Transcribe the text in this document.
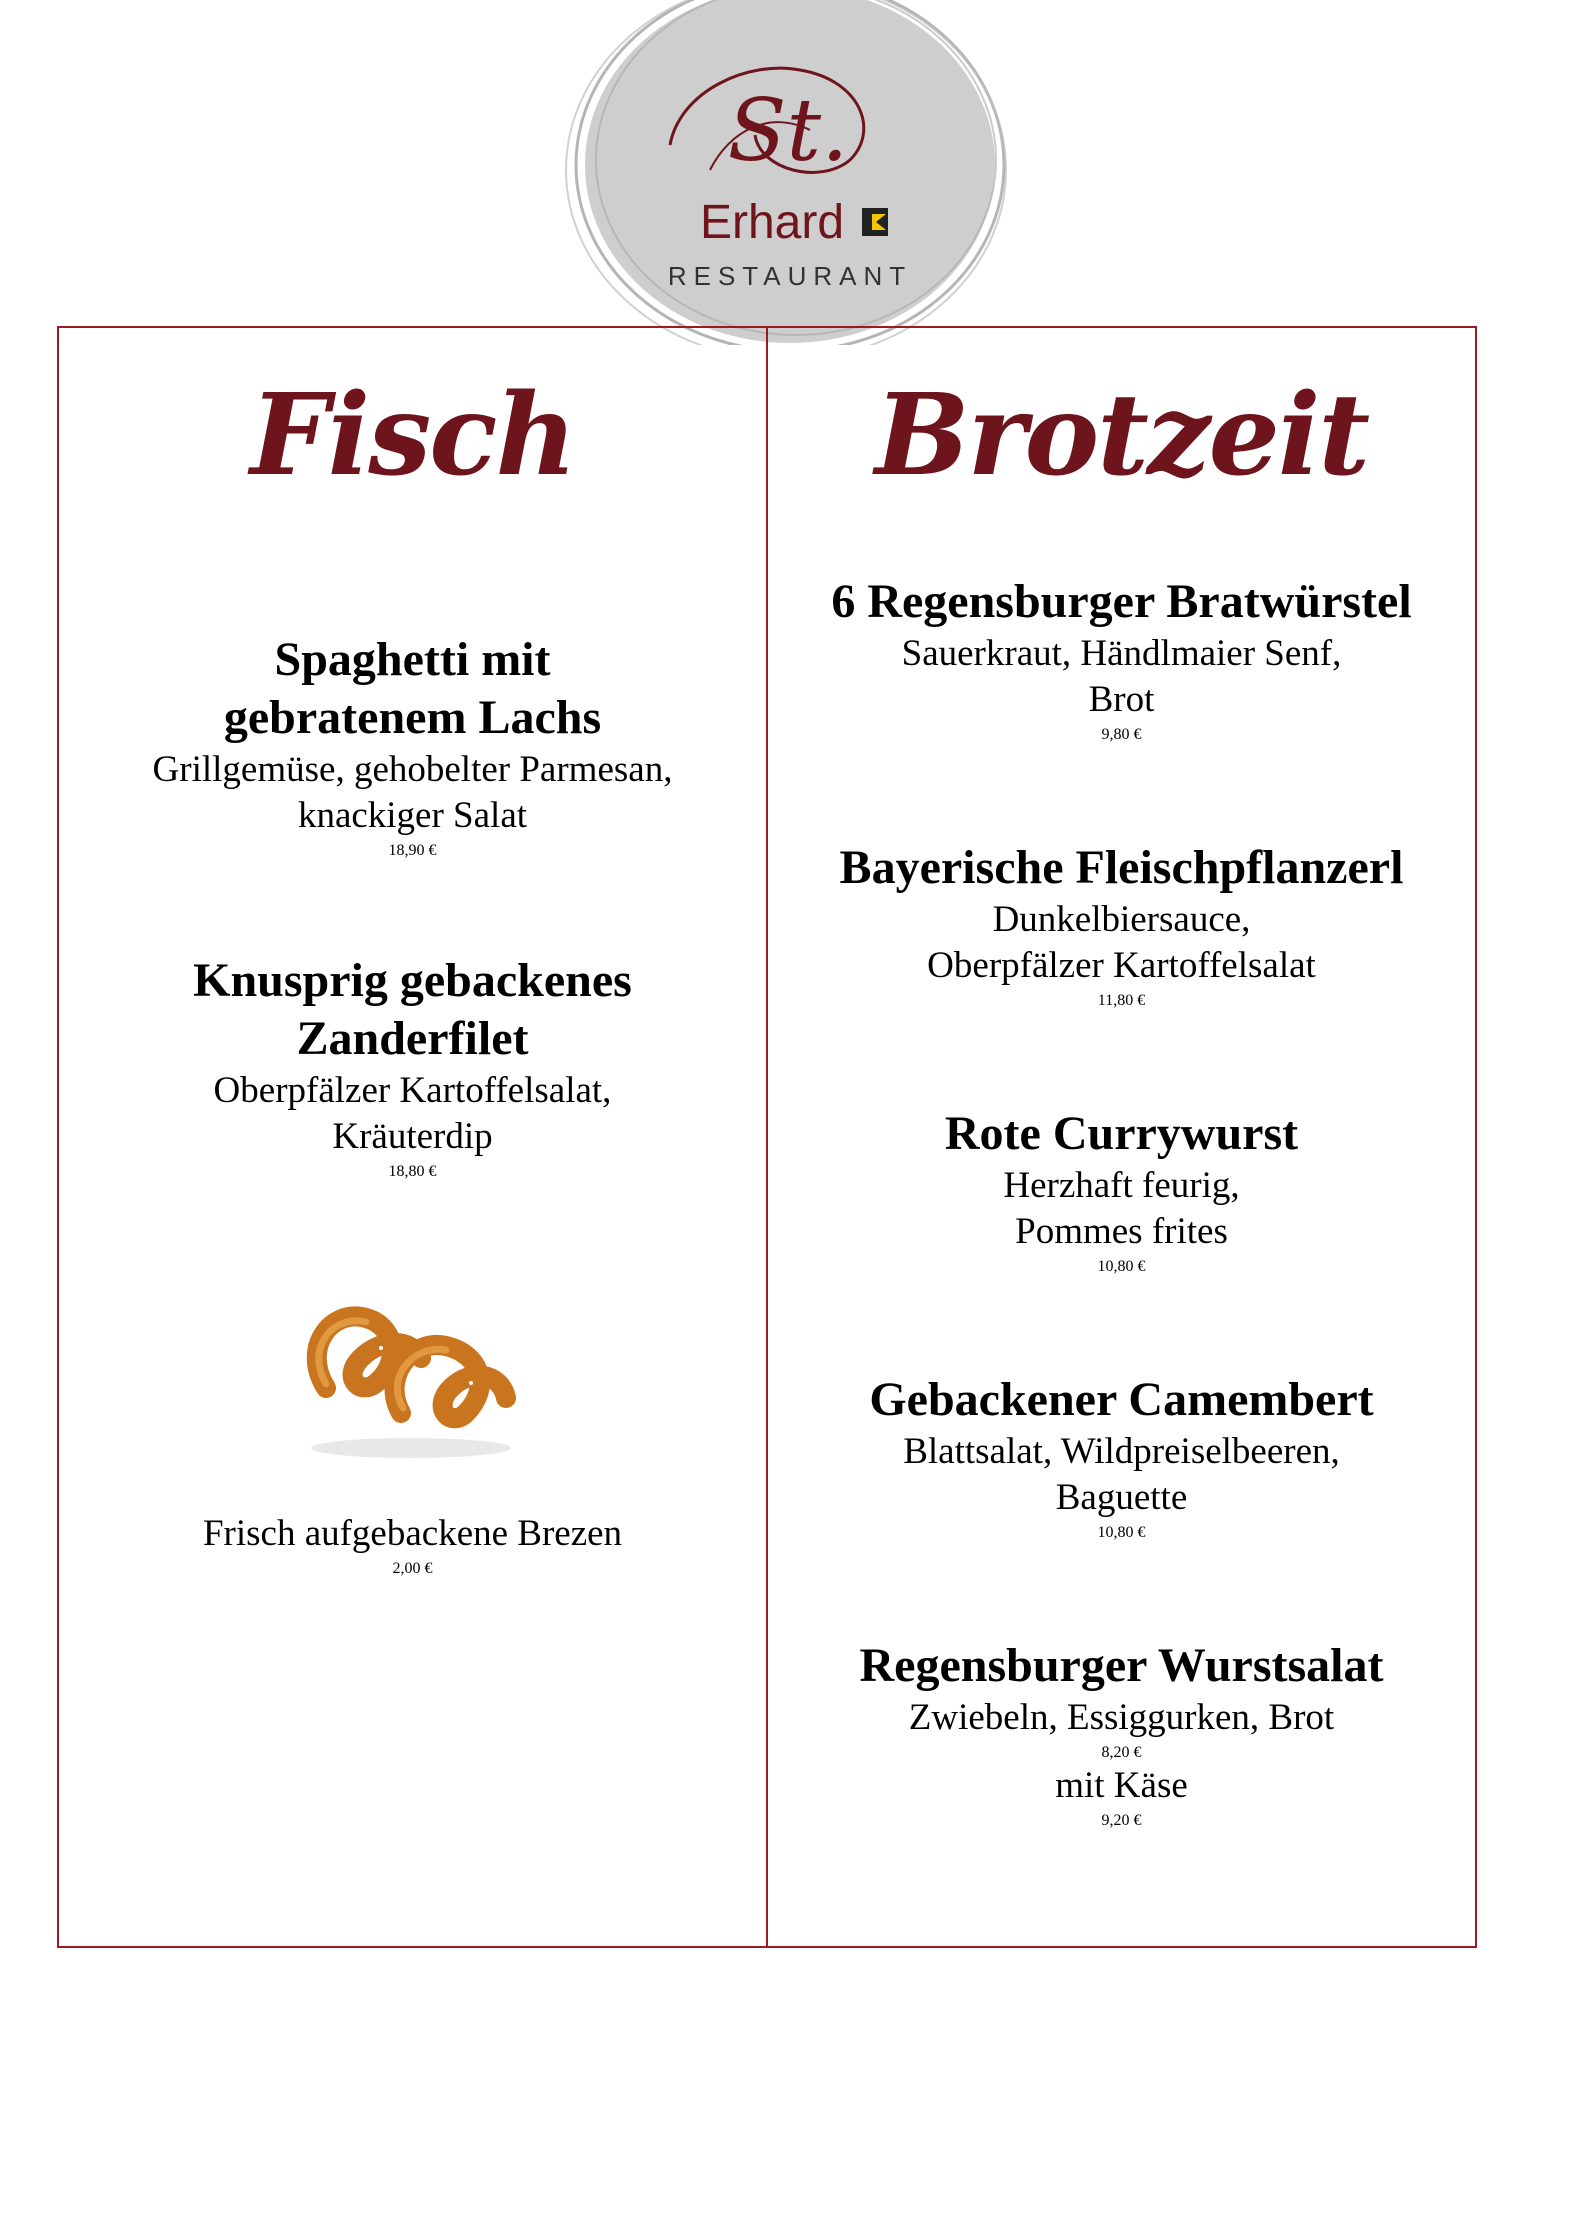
St.
Erhard
RESTAURANT
Fisch
Spaghetti mit
gebratenem Lachs
Grillgemüse, gehobelter Parmesan,
knackiger Salat
18,90 €
Knusprig gebackenes
Zanderfilet
Oberpfälzer Kartoffelsalat,
Kräuterdip
18,80 €
Frisch aufgebackene Brezen
2,00 €
Brotzeit
6 Regensburger Bratwürstel
Sauerkraut, Händlmaier Senf,
Brot
9,80 €
Bayerische Fleischpflanzerl
Dunkelbiersauce,
Oberpfälzer Kartoffelsalat
11,80 €
Rote Currywurst
Herzhaft feurig,
Pommes frites
10,80 €
Gebackener Camembert
Blattsalat, Wildpreiselbeeren,
Baguette
10,80 €
Regensburger Wurstsalat
Zwiebeln, Essiggurken, Brot
8,20 €
mit Käse
9,20 €
